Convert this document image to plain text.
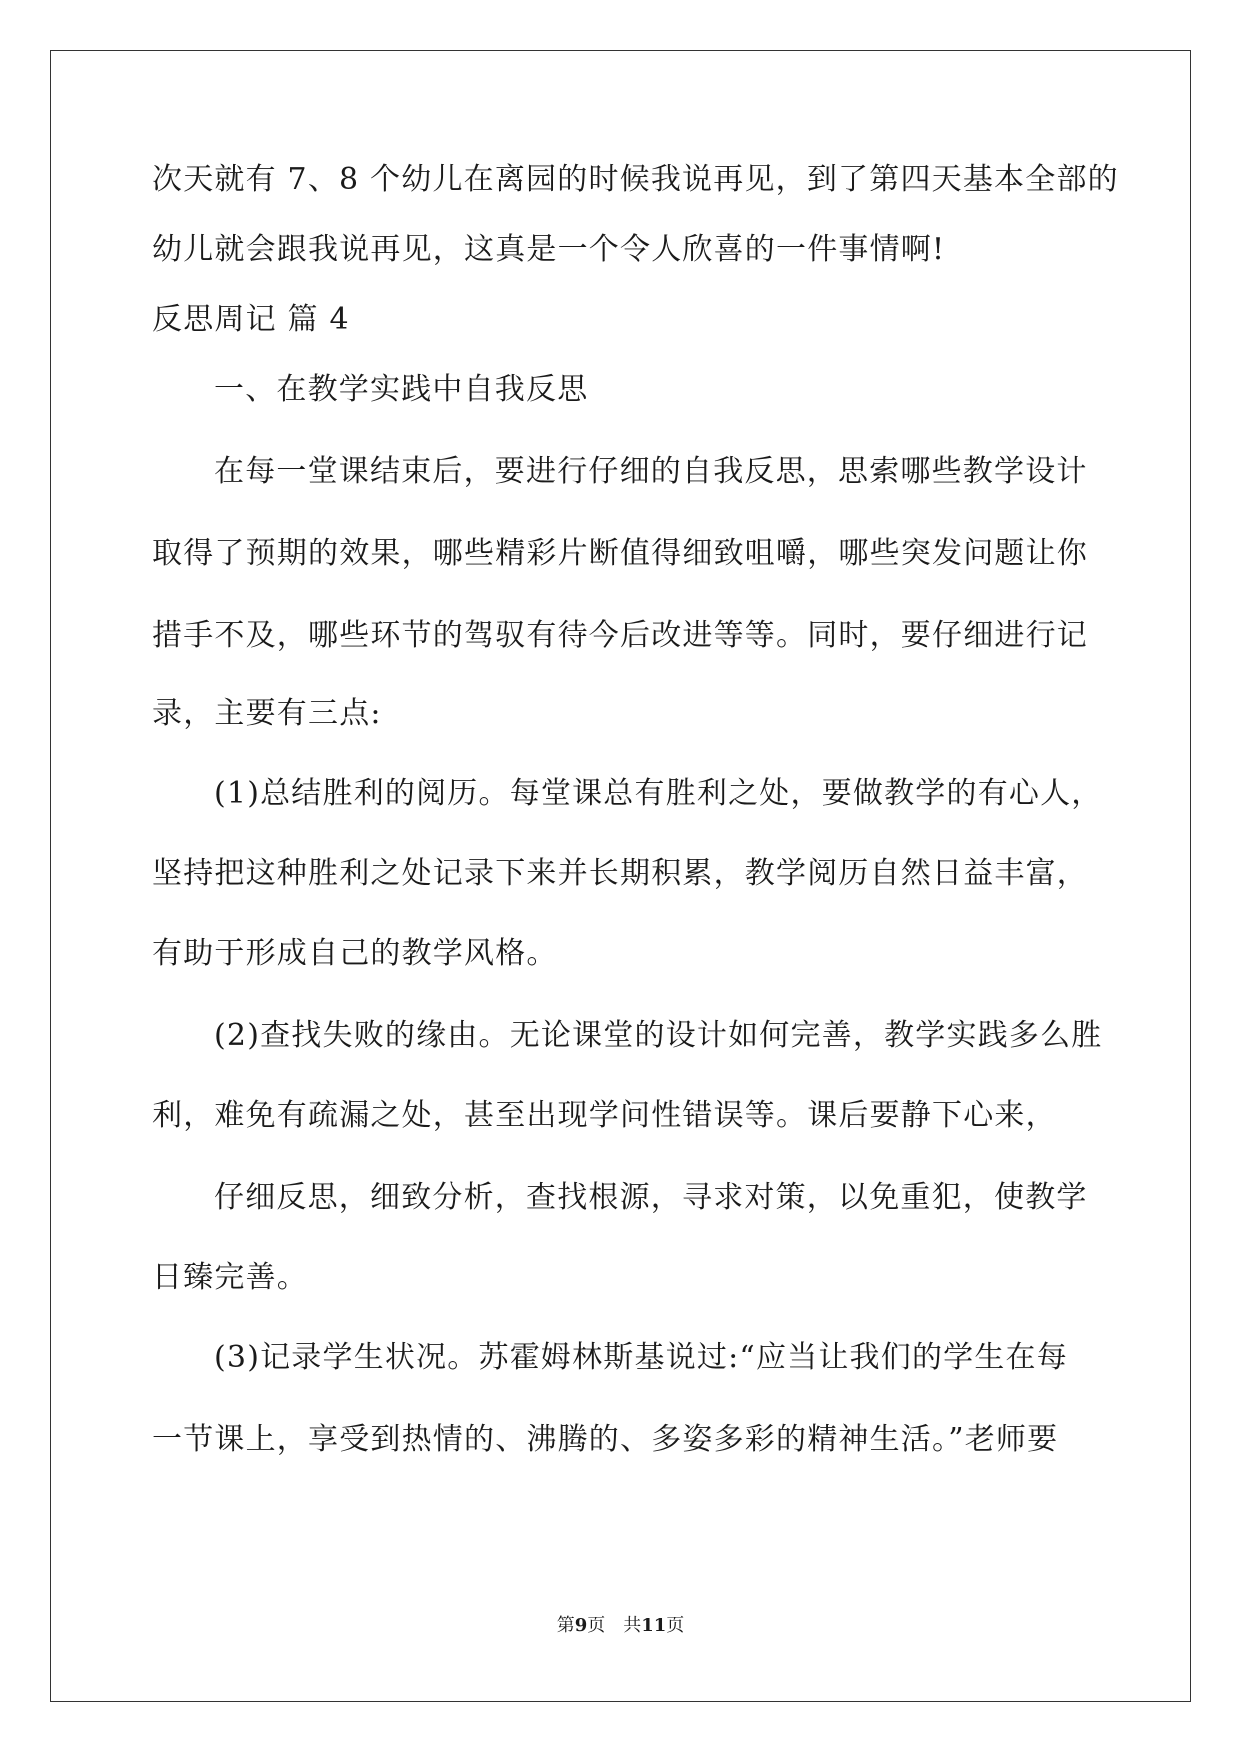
次天就有 7、8 个幼儿在离园的时候我说再见，到了第四天基本全部的
幼儿就会跟我说再见，这真是一个令人欣喜的一件事情啊!
反思周记 篇 4
一、在教学实践中自我反思
在每一堂课结束后，要进行仔细的自我反思，思索哪些教学设计
取得了预期的效果，哪些精彩片断值得细致咀嚼，哪些突发问题让你
措手不及，哪些环节的驾驭有待今后改进等等。同时，要仔细进行记
录，主要有三点:
(1)总结胜利的阅历。每堂课总有胜利之处，要做教学的有心人，
坚持把这种胜利之处记录下来并长期积累，教学阅历自然日益丰富，
有助于形成自己的教学风格。
(2)查找失败的缘由。无论课堂的设计如何完善，教学实践多么胜
利，难免有疏漏之处，甚至出现学问性错误等。课后要静下心来，
仔细反思，细致分析，查找根源，寻求对策，以免重犯，使教学
日臻完善。
(3)记录学生状况。苏霍姆林斯基说过:“应当让我们的学生在每
一节课上，享受到热情的、沸腾的、多姿多彩的精神生活。”老师要
第9页　共11页
